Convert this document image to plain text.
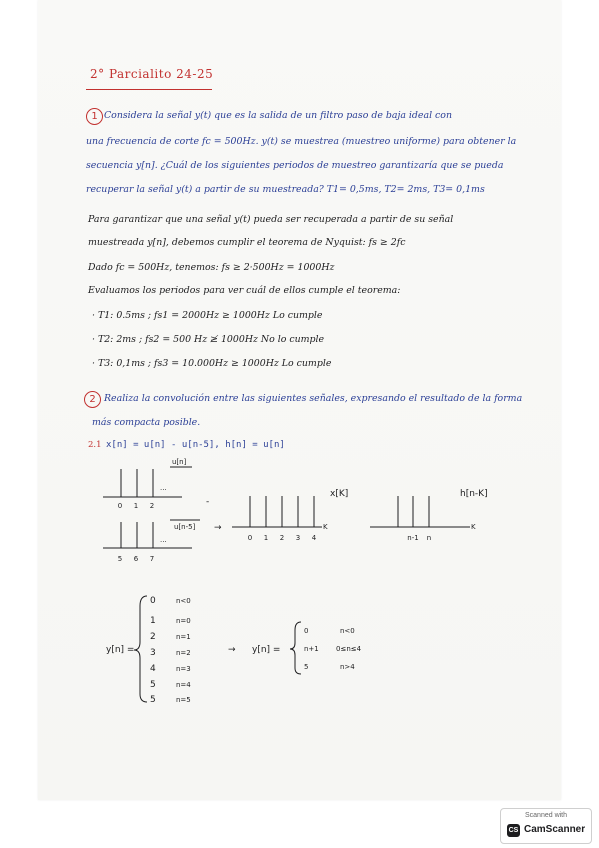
2° Parcialito 24-25
1 Considera la señal y(t) que es la salida de un filtro paso de baja ideal con
una frecuencia de corte fc = 500Hz. y(t) se muestrea (muestreo uniforme) para obtener la
secuencia y[n]. ¿Cuál de los siguientes periodos de muestreo garantizaría que se pueda
recuperar la señal y(t) a partir de su muestreada? T1= 0,5ms, T2= 2ms, T3= 0,1ms
Para garantizar que una señal y(t) pueda ser recuperada a partir de su señal
muestreada y[n], debemos cumplir el teorema de Nyquist: fs ≥ 2fc
Dado fc = 500Hz, tenemos: fs ≥ 2·500Hz = 1000Hz
Evaluamos los periodos para ver cuál de ellos cumple el teorema:
· T1: 0.5ms ; fs1 = 2000Hz ≥ 1000Hz Lo cumple
· T2: 2ms ; fs2 = 500 Hz ≱ 1000Hz No lo cumple
· T3: 0,1ms ; fs3 = 10.000Hz ≥ 1000Hz Lo cumple
2 Realiza la convolución entre las siguientes señales, expresando el resultado de la forma
más compacta posible.
2.1 x[n] = u[n] - u[n-5], h[n] = u[n]
0 1 2
u[n]
...
5 6 7
u[n-5]
...
-
→
0 1 2 3 4
K
x[K]
n-1 n
K
h[n-K]
y[n] =
0
1
2
3
4
5
5
n<0
n=0
n=1
n=2
n=3
n=4
n=5
→ y[n] =
0
n+1
5
n<0
0≤n≤4
n>4
Scanned with
CS CamScanner
